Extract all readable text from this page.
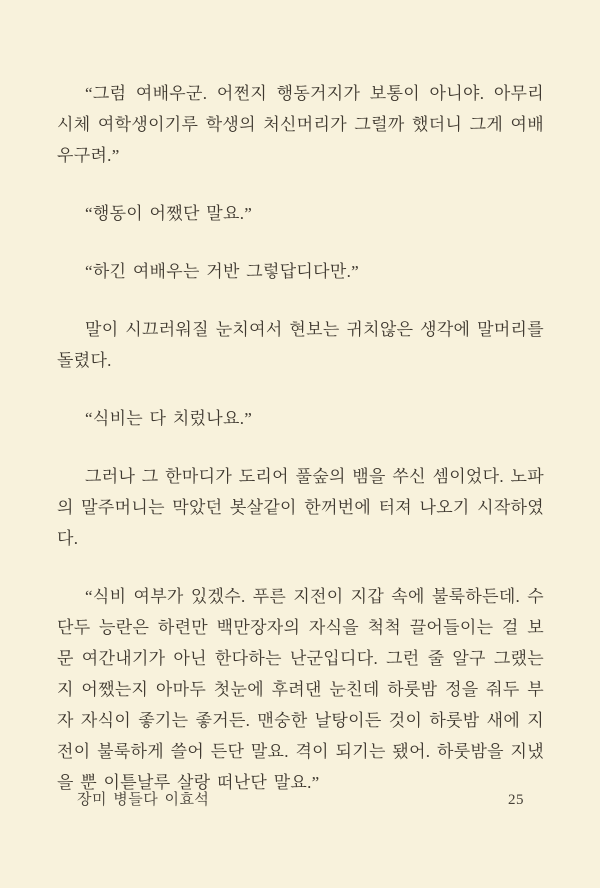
“그럼 여배우군. 어쩐지 행동거지가 보통이 아니야. 아무리 시체 여학생이기루 학생의 처신머리가 그럴까 했더니 그게 여배우구려.”

“행동이 어쨌단 말요.”

“하긴 여배우는 거반 그렇답디다만.”

말이 시끄러워질 눈치여서 현보는 귀치않은 생각에 말머리를 돌렸다.

“식비는 다 치렀나요.”

그러나 그 한마디가 도리어 풀숲의 뱀을 쑤신 셈이었다. 노파의 말주머니는 막았던 봇살같이 한꺼번에 터져 나오기 시작하였다.

“식비 여부가 있겠수. 푸른 지전이 지갑 속에 불룩하든데. 수단두 능란은 하련만 백만장자의 자식을 척척 끌어들이는 걸 보문 여간내기가 아닌 한다하는 난군입디다. 그런 줄 알구 그랬는지 어쨌는지 아마두 첫눈에 후려댄 눈친데 하룻밤 정을 줘두 부자 자식이 좋기는 좋거든. 맨숭한 날탕이든 것이 하룻밤 새에 지전이 불룩하게 쓸어 든단 말요. 격이 되기는 됐어. 하룻밤을 지냈을 뿐 이튿날루 살랑 떠난단 말요.”

장미 병들다 이효석	25
